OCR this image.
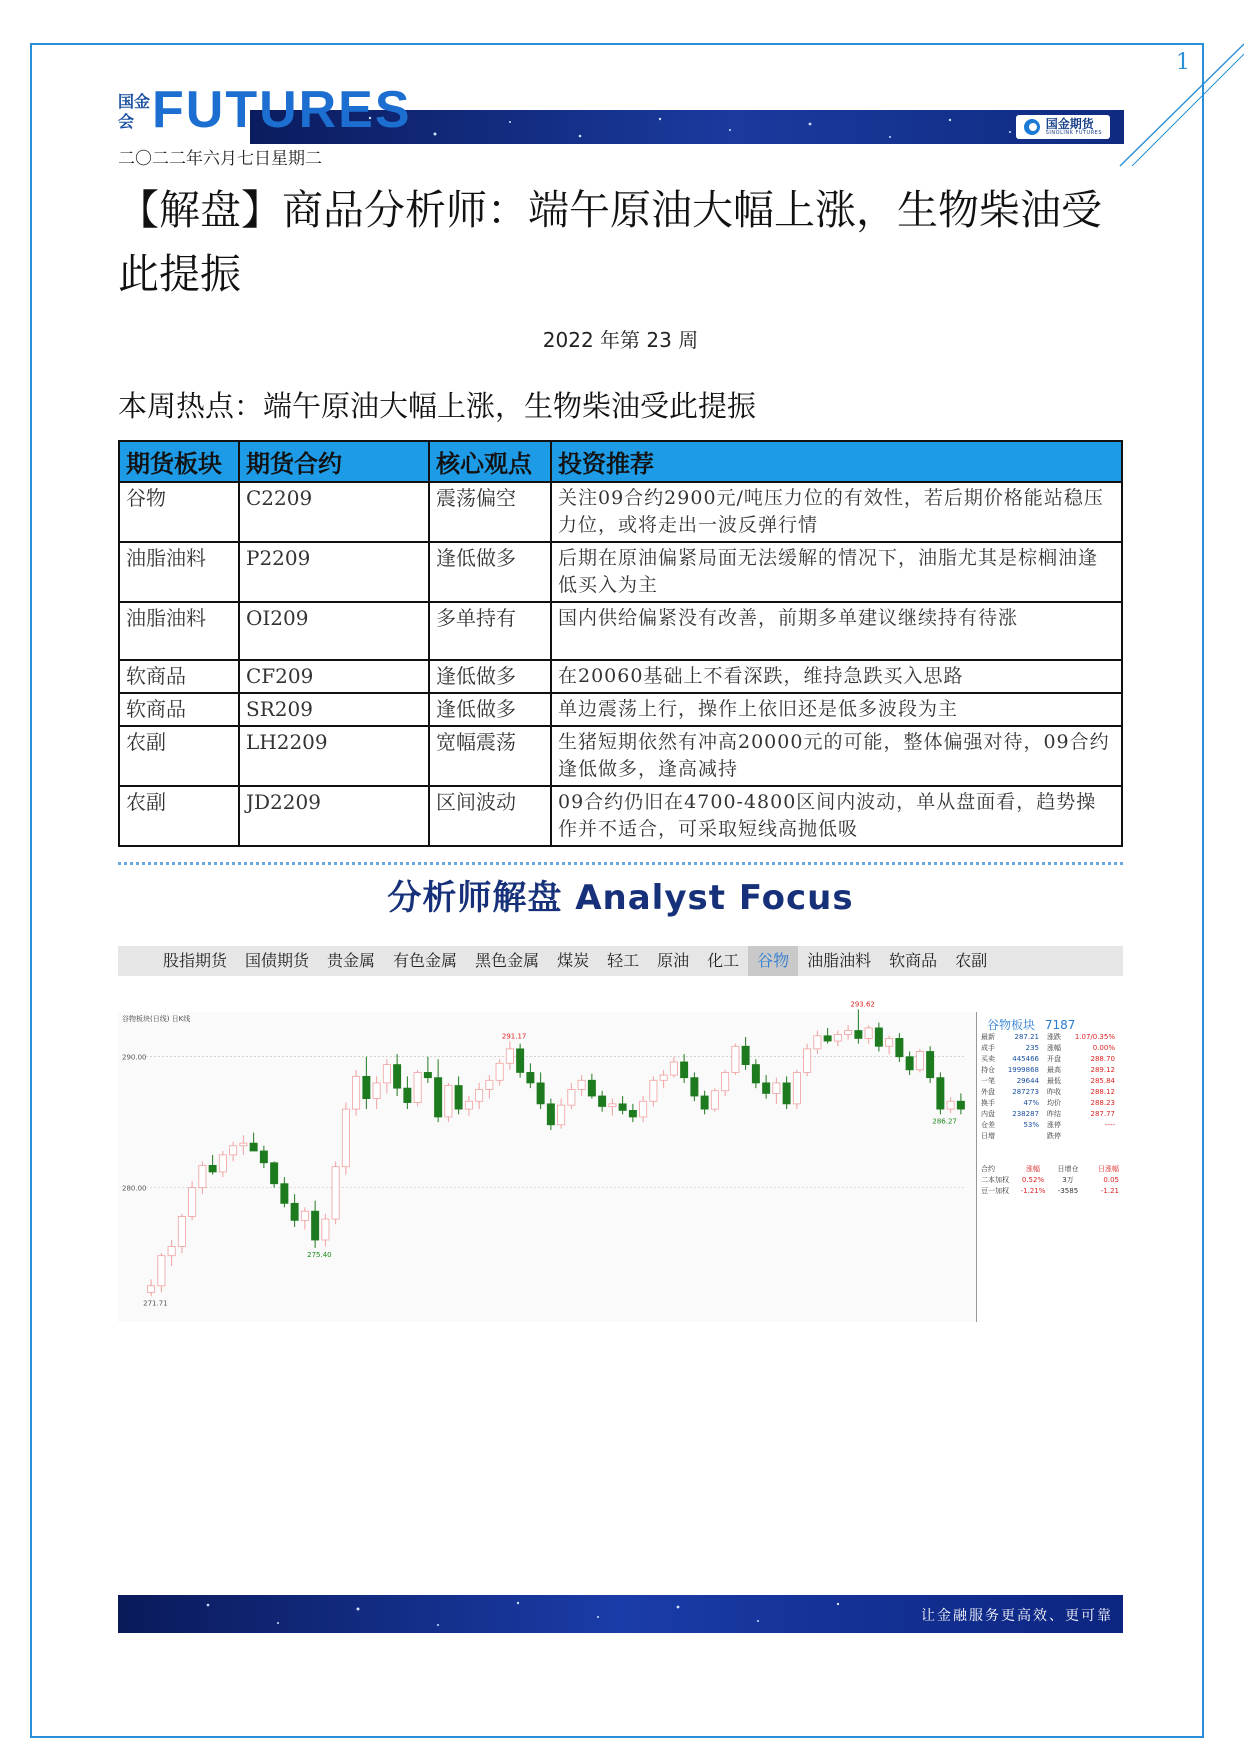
1
国金期货
SINOLINK FUTURES
国金会 FUTURES
二〇二二年六月七日星期二
【解盘】商品分析师：端午原油大幅上涨，生物柴油受此提振
2022 年第 23 周
本周热点：端午原油大幅上涨，生物柴油受此提振
期货板块	期货合约	核心观点	投资推荐
谷物	C2209	震荡偏空	关注09合约2900元/吨压力位的有效性，若后期价格能站稳压力位，或将走出一波反弹行情
油脂油料	P2209	逢低做多	后期在原油偏紧局面无法缓解的情况下，油脂尤其是棕榈油逢低买入为主
油脂油料	OI209	多单持有	国内供给偏紧没有改善，前期多单建议继续持有待涨
软商品	CF209	逢低做多	在20060基础上不看深跌，维持急跌买入思路
软商品	SR209	逢低做多	单边震荡上行，操作上依旧还是低多波段为主
农副	LH2209	宽幅震荡	生猪短期依然有冲高20000元的可能，整体偏强对待，09合约逢低做多，逢高减持
农副	JD2209	区间波动	09合约仍旧在4700-4800区间内波动，单从盘面看，趋势操作并不适合，可采取短线高抛低吸
分析师解盘 Analyst Focus
股指期货	国债期货	贵金属	有色金属	黑色金属	煤炭	轻工	原油	化工	谷物	油脂油料	软商品	农副
谷物板块(日线) 日K线
280.00
290.00
291.17
293.62
275.40
286.27
271.71
谷物板块 7187
最新	287.21	涨跌	1.07/0.35%
成手	235	涨幅	0.00%
买卖	445466	开盘	288.70
持仓	1999868	最高	289.12
一笔	29644	最低	285.84
外盘	287273	昨收	288.12
换手	47%	均价	288.23
内盘	238287	昨结	287.77
仓差	53%	涨停	----
日增	跌停
合约	涨幅	日增仓	日涨幅
二本加权	0.52%	3万	0.05
豆一加权	-1.21%	-3585	-1.21
让金融服务更高效、更可靠
